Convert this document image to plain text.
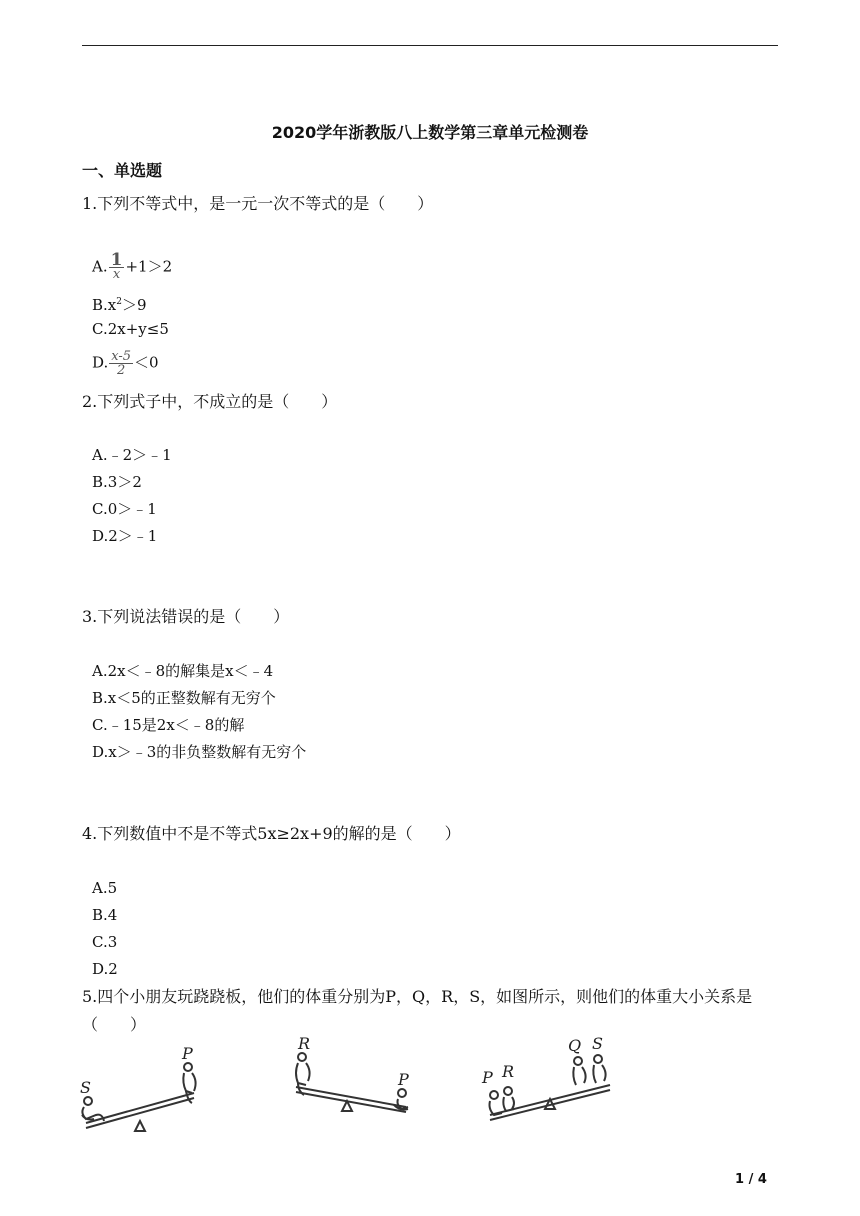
2020学年浙教版八上数学第三章单元检测卷
一、单选题
1.下列不等式中，是一元一次不等式的是（　　）
A. $\frac{1}{x} +1>2$
$B.x^2>9$
C.2x+y≤5
D. $\frac{x-5}{2} <0$
2.下列式子中，不成立的是（　　）
A.﹣2＞﹣1
B.3＞2
C.0＞﹣1
D.2＞﹣1
3.下列说法错误的是（　　）
A.2x＜﹣8的解集是x＜﹣4
B.x＜5的正整数解有无穷个
C.﹣15是2x＜﹣8的解
D.x＞﹣3的非负整数解有无穷个
4.下列数值中不是不等式5x≥2x+9的解的是（　　）
A.5
B.4
C.3
D.2
5.四个小朋友玩跷跷板，他们的体重分别为P，Q，R，S，如图所示，则他们的体重大小关系是（　　）
S
P
R
P	P R
Q S
1 / 4
